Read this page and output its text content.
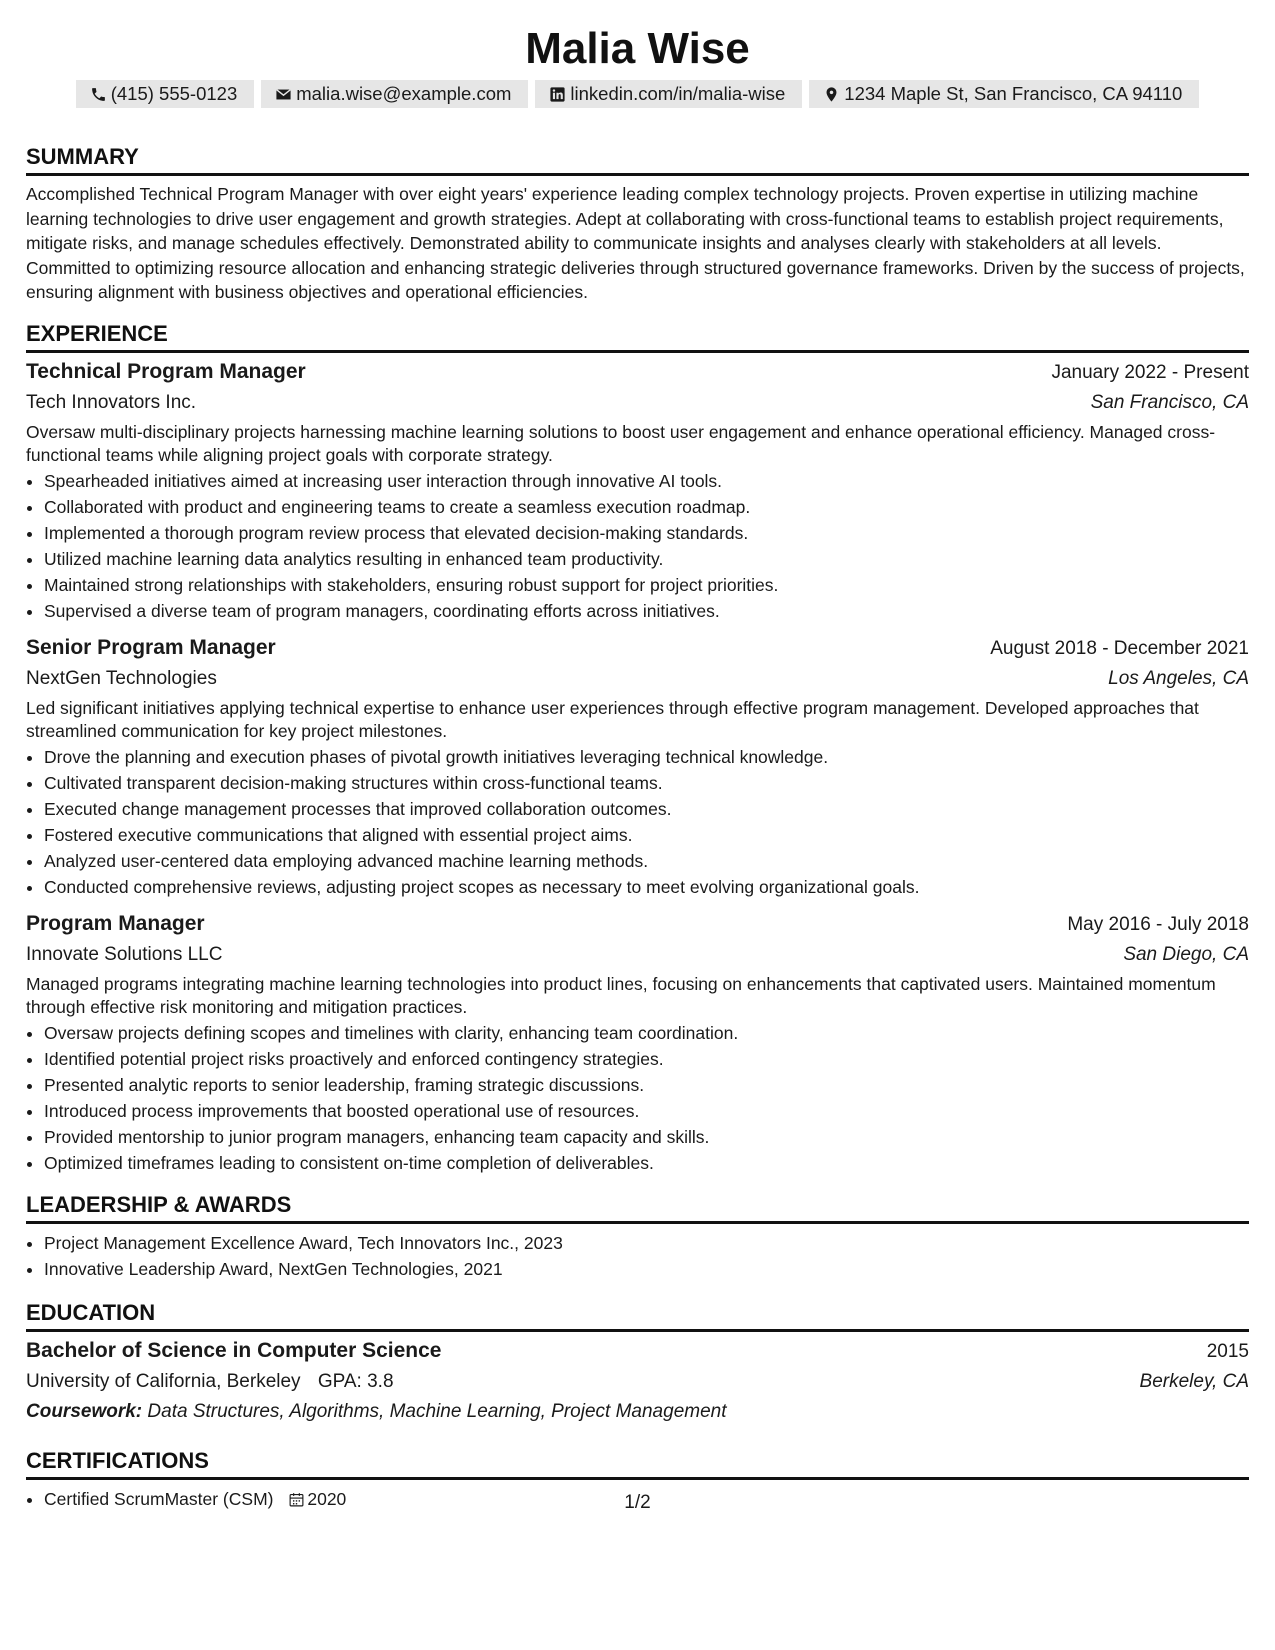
Malia Wise
(415) 555-0123	malia.wise@example.com	linkedin.com/in/malia-wise	1234 Maple St, San Francisco, CA 94110
SUMMARY
Accomplished Technical Program Manager with over eight years' experience leading complex technology projects. Proven expertise in utilizing machine learning technologies to drive user engagement and growth strategies. Adept at collaborating with cross-functional teams to establish project requirements, mitigate risks, and manage schedules effectively. Demonstrated ability to communicate insights and analyses clearly with stakeholders at all levels. Committed to optimizing resource allocation and enhancing strategic deliveries through structured governance frameworks. Driven by the success of projects, ensuring alignment with business objectives and operational efficiencies.
EXPERIENCE
Technical Program Manager	January 2022 - Present
Tech Innovators Inc.	San Francisco, CA
Oversaw multi-disciplinary projects harnessing machine learning solutions to boost user engagement and enhance operational efficiency. Managed cross-functional teams while aligning project goals with corporate strategy.
• Spearheaded initiatives aimed at increasing user interaction through innovative AI tools.
• Collaborated with product and engineering teams to create a seamless execution roadmap.
• Implemented a thorough program review process that elevated decision-making standards.
• Utilized machine learning data analytics resulting in enhanced team productivity.
• Maintained strong relationships with stakeholders, ensuring robust support for project priorities.
• Supervised a diverse team of program managers, coordinating efforts across initiatives.
Senior Program Manager	August 2018 - December 2021
NextGen Technologies	Los Angeles, CA
Led significant initiatives applying technical expertise to enhance user experiences through effective program management. Developed approaches that streamlined communication for key project milestones.
• Drove the planning and execution phases of pivotal growth initiatives leveraging technical knowledge.
• Cultivated transparent decision-making structures within cross-functional teams.
• Executed change management processes that improved collaboration outcomes.
• Fostered executive communications that aligned with essential project aims.
• Analyzed user-centered data employing advanced machine learning methods.
• Conducted comprehensive reviews, adjusting project scopes as necessary to meet evolving organizational goals.
Program Manager	May 2016 - July 2018
Innovate Solutions LLC	San Diego, CA
Managed programs integrating machine learning technologies into product lines, focusing on enhancements that captivated users. Maintained momentum through effective risk monitoring and mitigation practices.
• Oversaw projects defining scopes and timelines with clarity, enhancing team coordination.
• Identified potential project risks proactively and enforced contingency strategies.
• Presented analytic reports to senior leadership, framing strategic discussions.
• Introduced process improvements that boosted operational use of resources.
• Provided mentorship to junior program managers, enhancing team capacity and skills.
• Optimized timeframes leading to consistent on-time completion of deliverables.
LEADERSHIP & AWARDS
• Project Management Excellence Award, Tech Innovators Inc., 2023
• Innovative Leadership Award, NextGen Technologies, 2021
EDUCATION
Bachelor of Science in Computer Science	2015
University of California, Berkeley GPA: 3.8	Berkeley, CA
Coursework: Data Structures, Algorithms, Machine Learning, Project Management
CERTIFICATIONS
• Certified ScrumMaster (CSM) 2020	1/2
